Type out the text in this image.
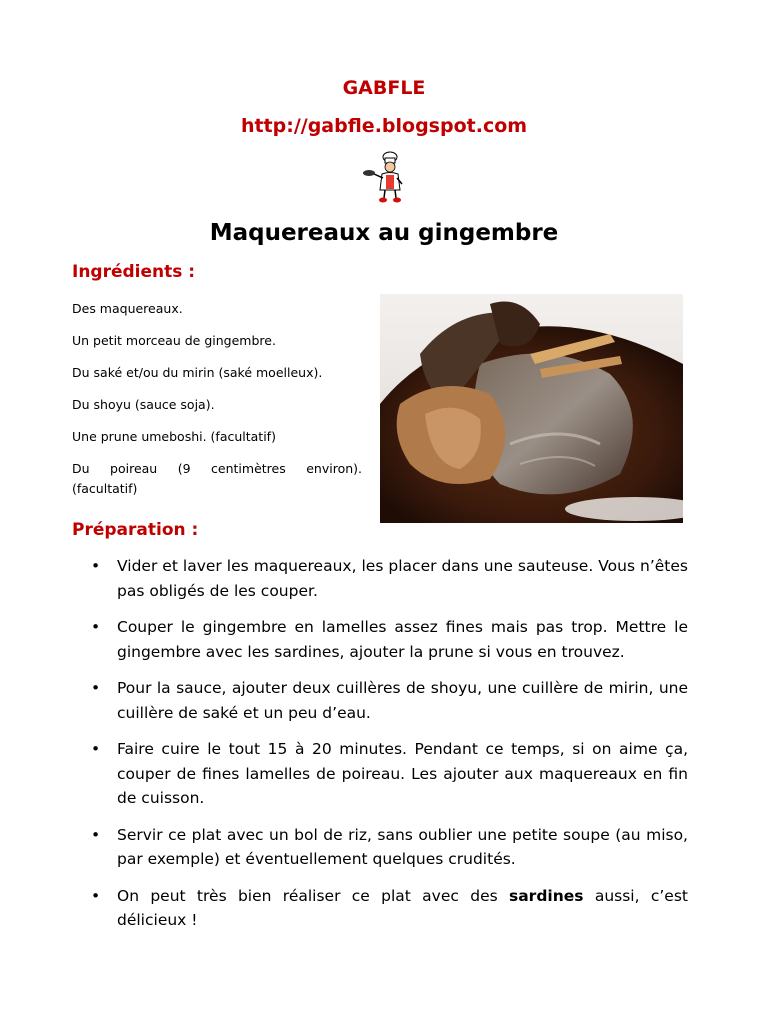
GABFLE
http://gabfle.blogspot.com
Maquereaux au gingembre
Ingrédients :

Des maquereaux.

Un petit morceau de gingembre.

Du saké et/ou du mirin (saké moelleux).

Du shoyu (sauce soja).

Une prune umeboshi. (facultatif)

Du poireau (9 centimètres environ). (facultatif)

Préparation :
• Vider et laver les maquereaux, les placer dans une sauteuse. Vous n’êtes pas obligés de les couper.
• Couper le gingembre en lamelles assez fines mais pas trop. Mettre le gingembre avec les sardines, ajouter la prune si vous en trouvez.
• Pour la sauce, ajouter deux cuillères de shoyu, une cuillère de mirin, une cuillère de saké et un peu d’eau.
• Faire cuire le tout 15 à 20 minutes. Pendant ce temps, si on aime ça, couper de fines lamelles de poireau. Les ajouter aux maquereaux en fin de cuisson.
• Servir ce plat avec un bol de riz, sans oublier une petite soupe (au miso, par exemple) et éventuellement quelques crudités.
• On peut très bien réaliser ce plat avec des sardines aussi, c’est délicieux !
